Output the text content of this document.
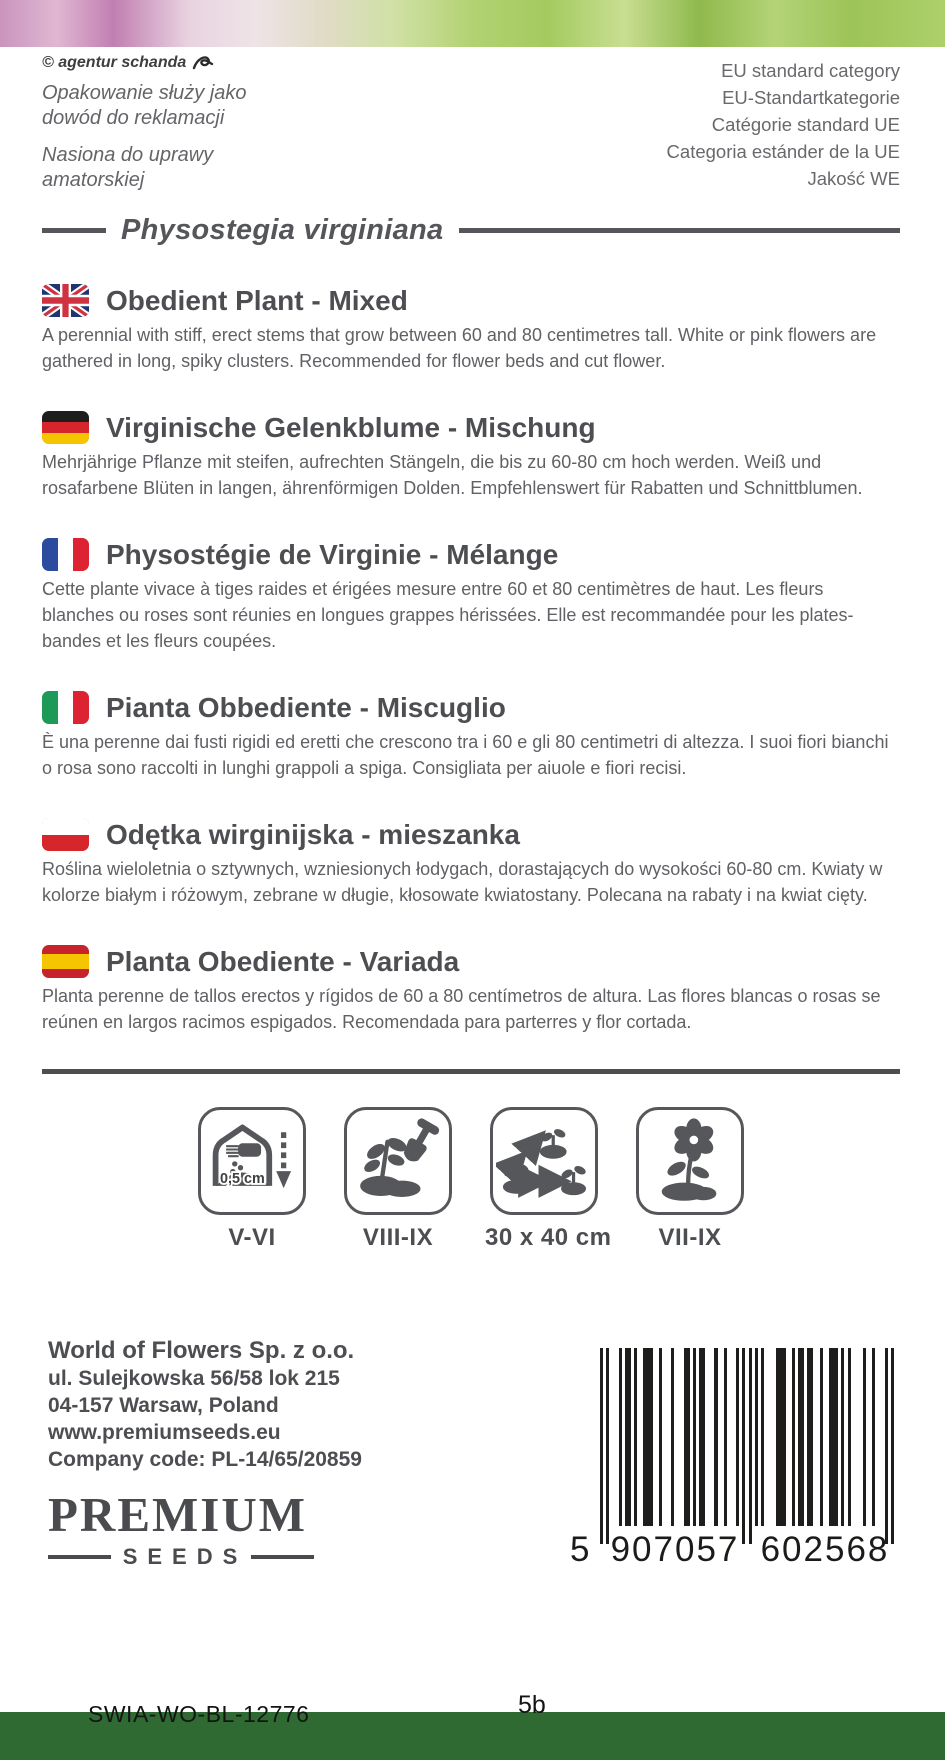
© agentur schanda
Opakowanie służy jako
dowód do reklamacji
Nasiona do uprawy
amatorskiej
EU standard category
EU-Standartkategorie
Catégorie standard UE
Categoria estánder de la UE
Jakość WE
Physostegia virginiana
Obedient Plant - Mixed
A perennial with stiff, erect stems that grow between 60 and 80 centimetres tall. White or pink flowers are gathered in long, spiky clusters. Recommended for flower beds and cut flower.
Virginische Gelenkblume - Mischung
Mehrjährige Pflanze mit steifen, aufrechten Stängeln, die bis zu 60-80 cm hoch werden. Weiß und rosafarbene Blüten in langen, ährenförmigen Dolden. Empfehlenswert für Rabatten und Schnittblumen.
Physostégie de Virginie - Mélange
Cette plante vivace à tiges raides et érigées mesure entre 60 et 80 centimètres de haut. Les fleurs blanches ou roses sont réunies en longues grappes hérissées. Elle est recommandée pour les plates-bandes et les fleurs coupées.
Pianta Obbediente - Miscuglio
È una perenne dai fusti rigidi ed eretti che crescono tra i 60 e gli 80 centimetri di altezza. I suoi fiori bianchi o rosa sono raccolti in lunghi grappoli a spiga. Consigliata per aiuole e fiori recisi.
Odętka wirginijska - mieszanka
Roślina wieloletnia o sztywnych, wzniesionych łodygach, dorastających do wysokości 60-80 cm. Kwiaty w kolorze białym i różowym, zebrane w długie, kłosowate kwiatostany. Polecana na rabaty i na kwiat cięty.
Planta Obediente - Variada
Planta perenne de tallos erectos y rígidos de 60 a 80 centímetros de altura. Las flores blancas o rosas se reúnen en largos racimos espigados. Recomendada para parterres y flor cortada.
0,5 cm
V-VI	VIII-IX	30 x 40 cm	VII-IX
World of Flowers Sp. z o.o.
ul. Sulejkowska 56/58 lok 215
04-157 Warsaw, Poland
www.premiumseeds.eu
Company code: PL-14/65/20859
PREMIUM
SEEDS	5 907057 602568
SWIA-WO-BL-12776	5b
